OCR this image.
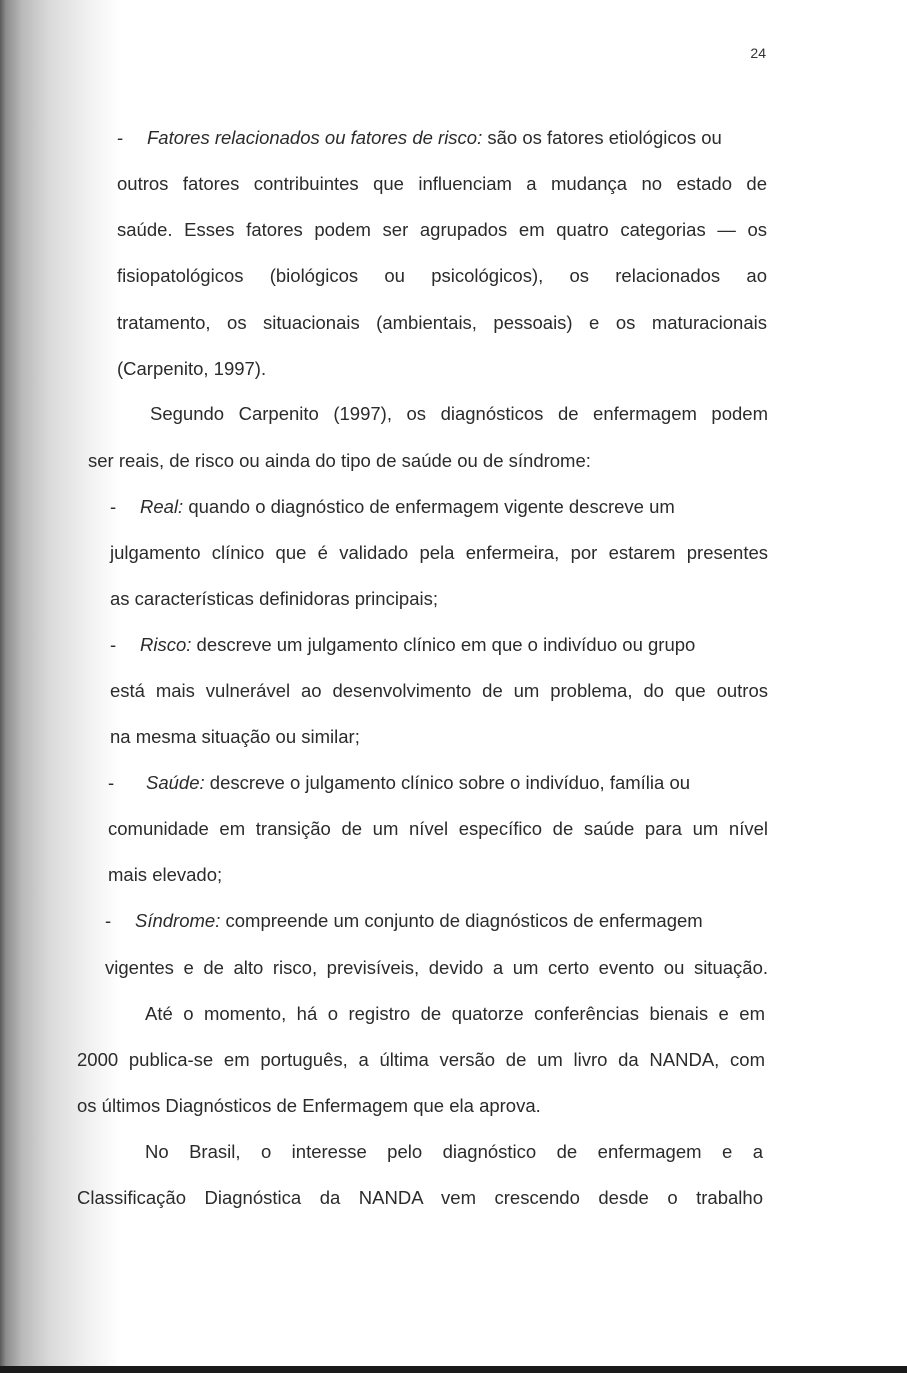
24
- Fatores relacionados ou fatores de risco: são os fatores etiológicos ou
outros fatores contribuintes que influenciam a mudança no estado de
saúde. Esses fatores podem ser agrupados em quatro categorias — os
fisiopatológicos (biológicos ou psicológicos), os relacionados ao
tratamento, os situacionais (ambientais, pessoais) e os maturacionais
(Carpenito, 1997).
Segundo Carpenito (1997), os diagnósticos de enfermagem podem
ser reais, de risco ou ainda do tipo de saúde ou de síndrome:
- Real: quando o diagnóstico de enfermagem vigente descreve um
julgamento clínico que é validado pela enfermeira, por estarem presentes
as características definidoras principais;
- Risco: descreve um julgamento clínico em que o indivíduo ou grupo
está mais vulnerável ao desenvolvimento de um problema, do que outros
na mesma situação ou similar;
- Saúde: descreve o julgamento clínico sobre o indivíduo, família ou
comunidade em transição de um nível específico de saúde para um nível
mais elevado;
- Síndrome: compreende um conjunto de diagnósticos de enfermagem
vigentes e de alto risco, previsíveis, devido a um certo evento ou situação.
Até o momento, há o registro de quatorze conferências bienais e em
2000 publica-se em português, a última versão de um livro da NANDA, com
os últimos Diagnósticos de Enfermagem que ela aprova.
No Brasil, o interesse pelo diagnóstico de enfermagem e a
Classificação Diagnóstica da NANDA vem crescendo desde o trabalho
